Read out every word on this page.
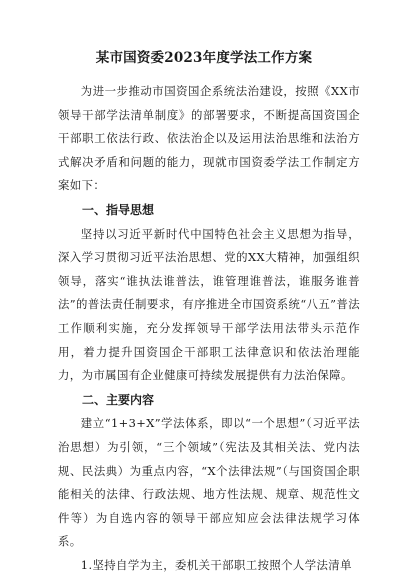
某市国资委2023年度学法工作方案

为进一步推动市国资国企系统法治建设，按照《XX市领导干部学法清单制度》的部署要求，不断提高国资国企干部职工依法行政、依法治企以及运用法治思维和法治方式解决矛盾和问题的能力，现就市国资委学法工作制定方案如下：

一、指导思想

坚持以习近平新时代中国特色社会主义思想为指导，深入学习贯彻习近平法治思想、党的XX大精神，加强组织领导，落实“谁执法谁普法，谁管理谁普法，谁服务谁普法”的普法责任制要求，有序推进全市国资系统“八五”普法工作顺利实施，充分发挥领导干部学法用法带头示范作用，着力提升国资国企干部职工法律意识和依法治理能力，为市属国有企业健康可持续发展提供有力法治保障。

二、主要内容

建立“1+3+X”学法体系，即以“一个思想”（习近平法治思想）为引领，“三个领域”（宪法及其相关法、党内法规、民法典）为重点内容，“X个法律法规”（与国资国企职能相关的法律、行政法规、地方性法规、规章、规范性文件等）为自选内容的领导干部应知应会法律法规学习体系。

1.坚持自学为主，委机关干部职工按照个人学法清单
